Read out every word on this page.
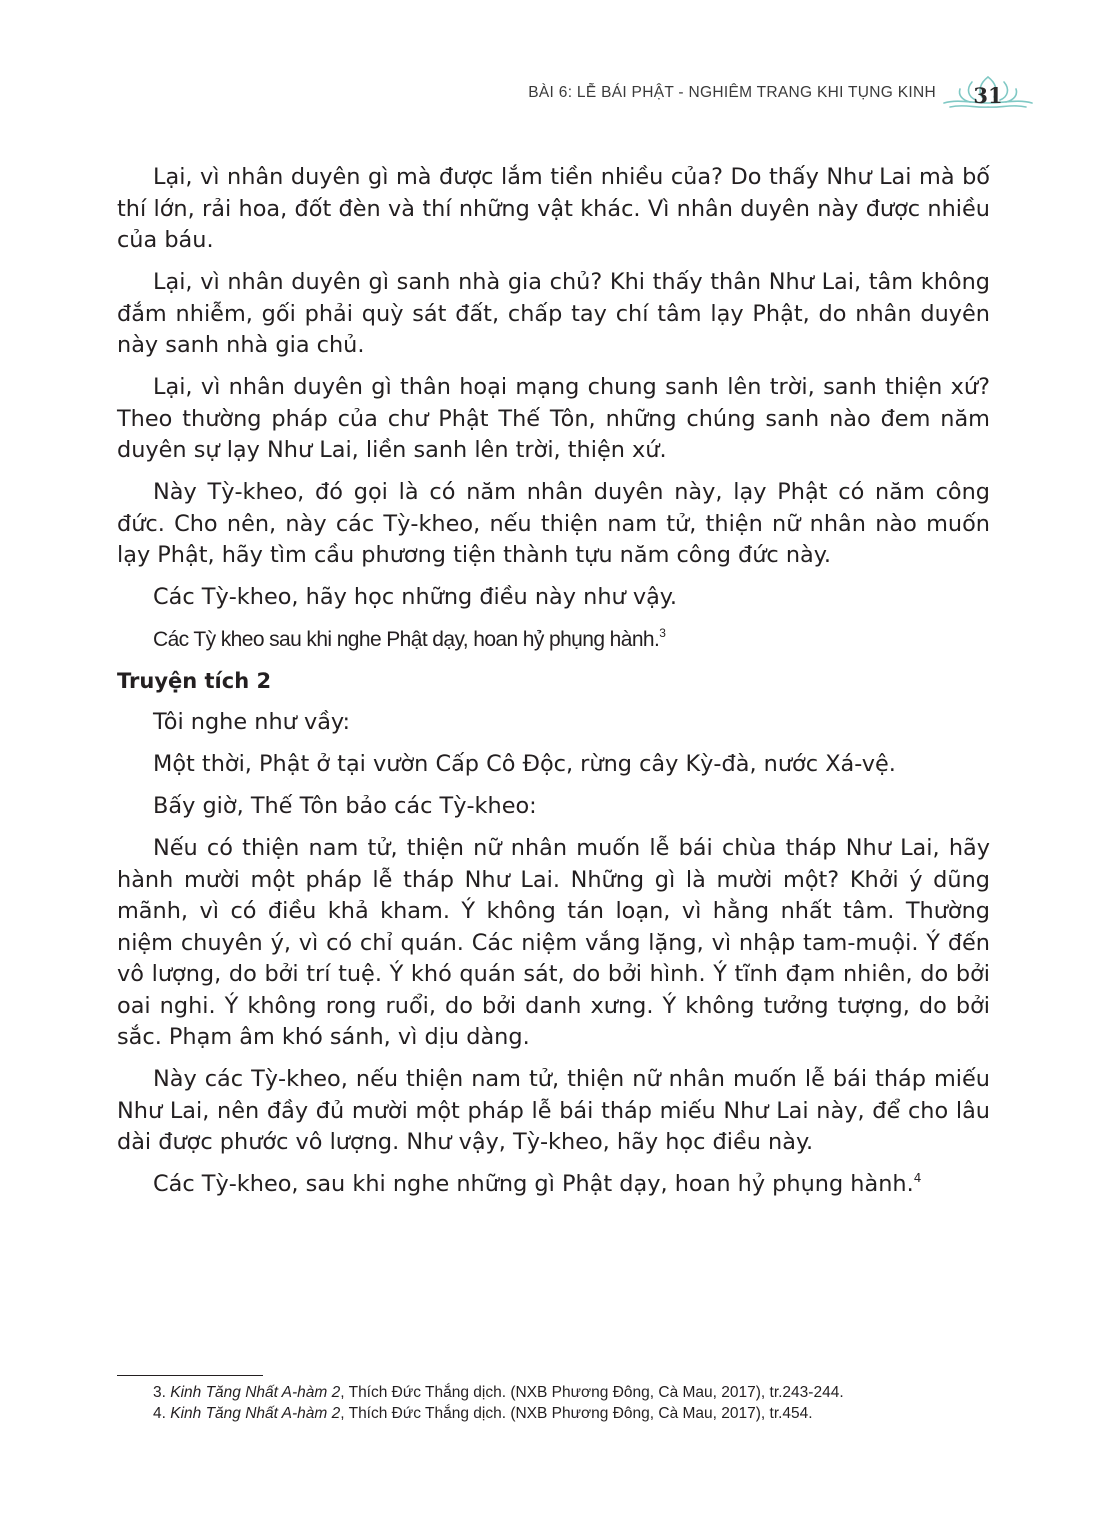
BÀI 6: LỄ BÁI PHẬT - NGHIÊM TRANG KHI TỤNG KINH 31

Lại, vì nhân duyên gì mà được lắm tiền nhiều của? Do thấy Như Lai mà bố thí lớn, rải hoa, đốt đèn và thí những vật khác. Vì nhân duyên này được nhiều của báu.

Lại, vì nhân duyên gì sanh nhà gia chủ? Khi thấy thân Như Lai, tâm không đắm nhiễm, gối phải quỳ sát đất, chấp tay chí tâm lạy Phật, do nhân duyên này sanh nhà gia chủ.

Lại, vì nhân duyên gì thân hoại mạng chung sanh lên trời, sanh thiện xứ? Theo thường pháp của chư Phật Thế Tôn, những chúng sanh nào đem năm duyên sự lạy Như Lai, liền sanh lên trời, thiện xứ.

Này Tỳ-kheo, đó gọi là có năm nhân duyên này, lạy Phật có năm công đức. Cho nên, này các Tỳ-kheo, nếu thiện nam tử, thiện nữ nhân nào muốn lạy Phật, hãy tìm cầu phương tiện thành tựu năm công đức này.

Các Tỳ-kheo, hãy học những điều này như vậy.

Các Tỳ kheo sau khi nghe Phật dạy, hoan hỷ phụng hành.$^3$

Truyện tích 2

Tôi nghe như vầy:

Một thời, Phật ở tại vườn Cấp Cô Độc, rừng cây Kỳ-đà, nước Xá-vệ.

Bấy giờ, Thế Tôn bảo các Tỳ-kheo:

Nếu có thiện nam tử, thiện nữ nhân muốn lễ bái chùa tháp Như Lai, hãy hành mười một pháp lễ tháp Như Lai. Những gì là mười một? Khởi ý dũng mãnh, vì có điều khả kham. Ý không tán loạn, vì hằng nhất tâm. Thường niệm chuyên ý, vì có chỉ quán. Các niệm vắng lặng, vì nhập tam-muội. Ý đến vô lượng, do bởi trí tuệ. Ý khó quán sát, do bởi hình. Ý tĩnh đạm nhiên, do bởi oai nghi. Ý không rong ruổi, do bởi danh xưng. Ý không tưởng tượng, do bởi sắc. Phạm âm khó sánh, vì dịu dàng.

Này các Tỳ-kheo, nếu thiện nam tử, thiện nữ nhân muốn lễ bái tháp miếu Như Lai, nên đầy đủ mười một pháp lễ bái tháp miếu Như Lai này, để cho lâu dài được phước vô lượng. Như vậy, Tỳ-kheo, hãy học điều này.

Các Tỳ-kheo, sau khi nghe những gì Phật dạy, hoan hỷ phụng hành.$^4$

3. Kinh Tăng Nhất A-hàm 2, Thích Đức Thắng dịch. (NXB Phương Đông, Cà Mau, 2017), tr.243-244.

4. Kinh Tăng Nhất A-hàm 2, Thích Đức Thắng dịch. (NXB Phương Đông, Cà Mau, 2017), tr.454.
